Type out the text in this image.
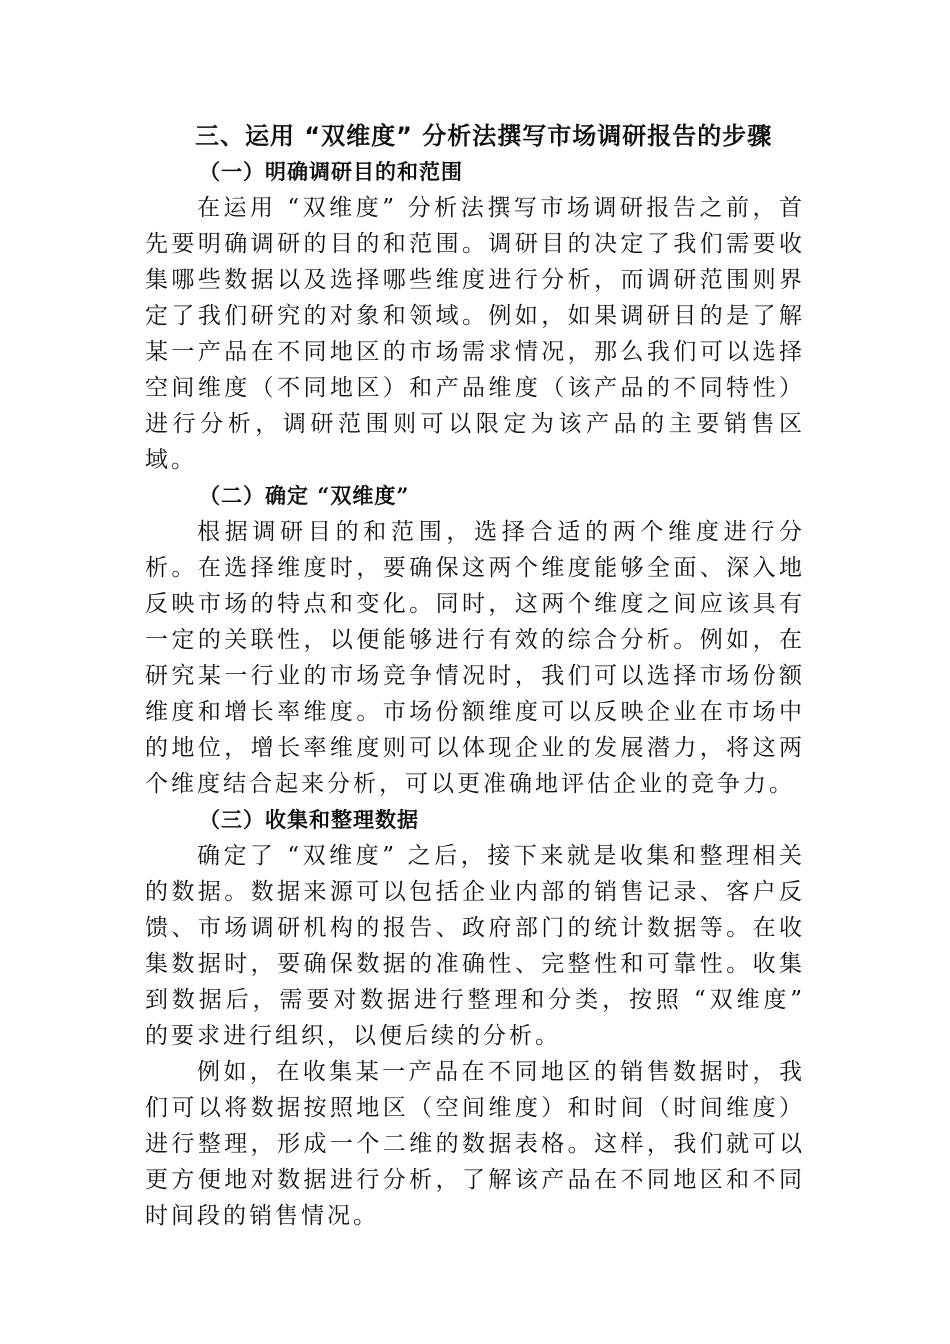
三、运用 “双维度” 分析法撰写市场调研报告的步骤
（一）明确调研目的和范围

在运用 “双维度” 分析法撰写市场调研报告之前，首先要明确调研的目的和范围。调研目的决定了我们需要收集哪些数据以及选择哪些维度进行分析，而调研范围则界定了我们研究的对象和领域。例如，如果调研目的是了解某一产品在不同地区的市场需求情况，那么我们可以选择空间维度（不同地区）和产品维度（该产品的不同特性）进行分析，调研范围则可以限定为该产品的主要销售区域。

（二）确定 “双维度”

根据调研目的和范围，选择合适的两个维度进行分析。在选择维度时，要确保这两个维度能够全面、深入地反映市场的特点和变化。同时，这两个维度之间应该具有一定的关联性，以便能够进行有效的综合分析。例如，在研究某一行业的市场竞争情况时，我们可以选择市场份额维度和增长率维度。市场份额维度可以反映企业在市场中的地位，增长率维度则可以体现企业的发展潜力，将这两个维度结合起来分析，可以更准确地评估企业的竞争力。

（三）收集和整理数据

确定了 “双维度” 之后，接下来就是收集和整理相关的数据。数据来源可以包括企业内部的销售记录、客户反馈、市场调研机构的报告、政府部门的统计数据等。在收集数据时，要确保数据的准确性、完整性和可靠性。收集到数据后，需要对数据进行整理和分类，按照 “双维度” 的要求进行组织，以便后续的分析。

例如，在收集某一产品在不同地区的销售数据时，我们可以将数据按照地区（空间维度）和时间（时间维度）进行整理，形成一个二维的数据表格。这样，我们就可以更方便地对数据进行分析，了解该产品在不同地区和不同时间段的销售情况。
